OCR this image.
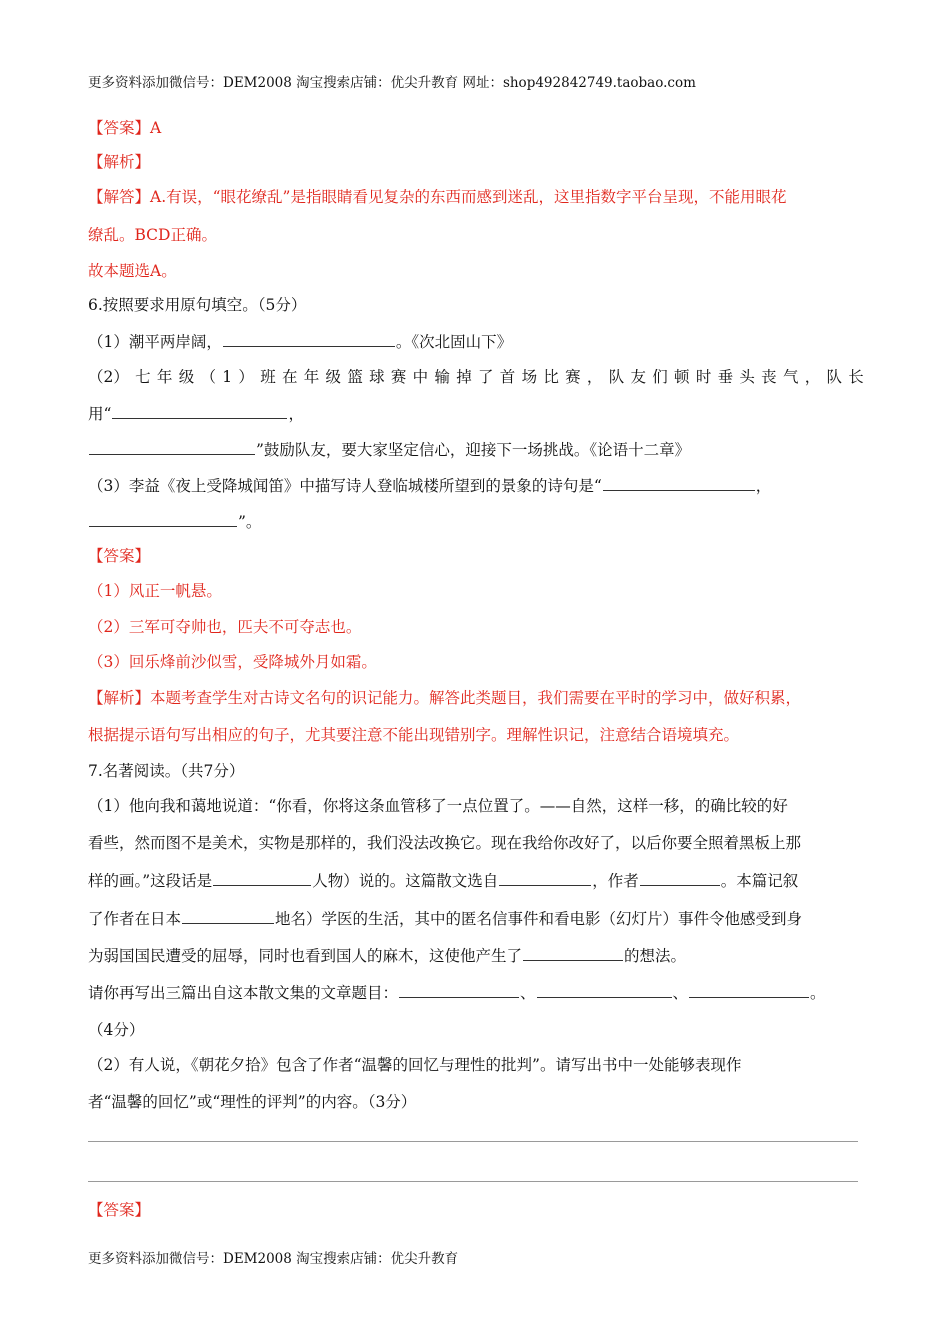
更多资料添加微信号：DEM2008 淘宝搜索店铺：优尖升教育 网址：shop492842749.taobao.com
【答案】A
【解析】
【解答】A.有误，“眼花缭乱”是指眼睛看见复杂的东西而感到迷乱，这里指数字平台呈现，不能用眼花
缭乱。BCD正确。
故本题选A。
6.按照要求用原句填空。（5分）
（1）潮平两岸阔，	。《次北固山下》
（2） 七 年 级 （ 1 ） 班 在 年 级 篮 球 赛 中 输 掉 了 首 场 比 赛 ， 队 友 们 顿 时 垂 头 丧 气 ， 队 长
用“	，
”鼓励队友，要大家坚定信心，迎接下一场挑战。《论语十二章》
（3）李益《夜上受降城闻笛》中描写诗人登临城楼所望到的景象的诗句是“	，
”。
【答案】
（1）风正一帆悬。
（2）三军可夺帅也，匹夫不可夺志也。
（3）回乐烽前沙似雪，受降城外月如霜。
【解析】本题考查学生对古诗文名句的识记能力。解答此类题目，我们需要在平时的学习中，做好积累，
根据提示语句写出相应的句子，尤其要注意不能出现错别字。理解性识记，注意结合语境填充。
7.名著阅读。（共7分）
（1）他向我和蔼地说道：“你看，你将这条血管移了一点位置了。——自然，这样一移，的确比较的好
看些，然而图不是美术，实物是那样的，我们没法改换它。现在我给你改好了，以后你要全照着黑板上那
样的画。”这段话是	人物）说的。这篇散文选自	，作者	。本篇记叙
了作者在日本	地名）学医的生活，其中的匿名信事件和看电影（幻灯片）事件令他感受到身
为弱国国民遭受的屈辱，同时也看到国人的麻木，这使他产生了	的想法。
请你再写出三篇出自这本散文集的文章题目：	、	、	。
（4分）
（2）有人说，《朝花夕拾》包含了作者“温馨的回忆与理性的批判”。请写出书中一处能够表现作
者“温馨的回忆”或“理性的评判”的内容。（3分）
【答案】
更多资料添加微信号：DEM2008 淘宝搜索店铺：优尖升教育
